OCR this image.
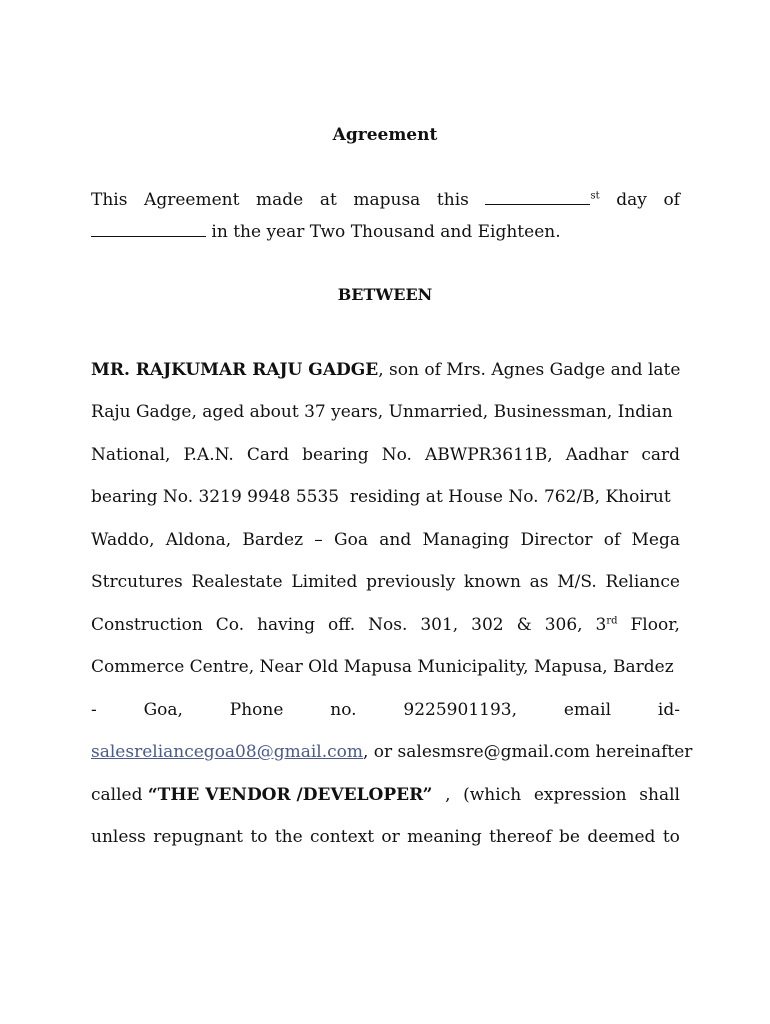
Agreement
This Agreement made at mapusa this	$^{st}$ day of
in the year Two Thousand and Eighteen.
BETWEEN
MR. RAJKUMAR RAJU GADGE, son of Mrs. Agnes Gadge and late
Raju Gadge, aged about 37 years, Unmarried, Businessman, Indian
National, P.A.N. Card bearing No. ABWPR3611B, Aadhar card
bearing No. 3219 9948 5535  residing at House No. 762/B, Khoirut
Waddo, Aldona, Bardez – Goa and Managing Director of Mega
Strcutures Realestate Limited previously known as M/S. Reliance
Construction Co. having off. Nos. 301, 302 & 306, 3rd Floor,
Commerce Centre, Near Old Mapusa Municipality, Mapusa, Bardez
-	Goa,	Phone	no.	9225901193,	email	id-
salesreliancegoa08@gmail.com, or salesmsre@gmail.com hereinafter
called “THE VENDOR /DEVELOPER” , (which expression shall
unless repugnant to the context or meaning thereof be deemed to
